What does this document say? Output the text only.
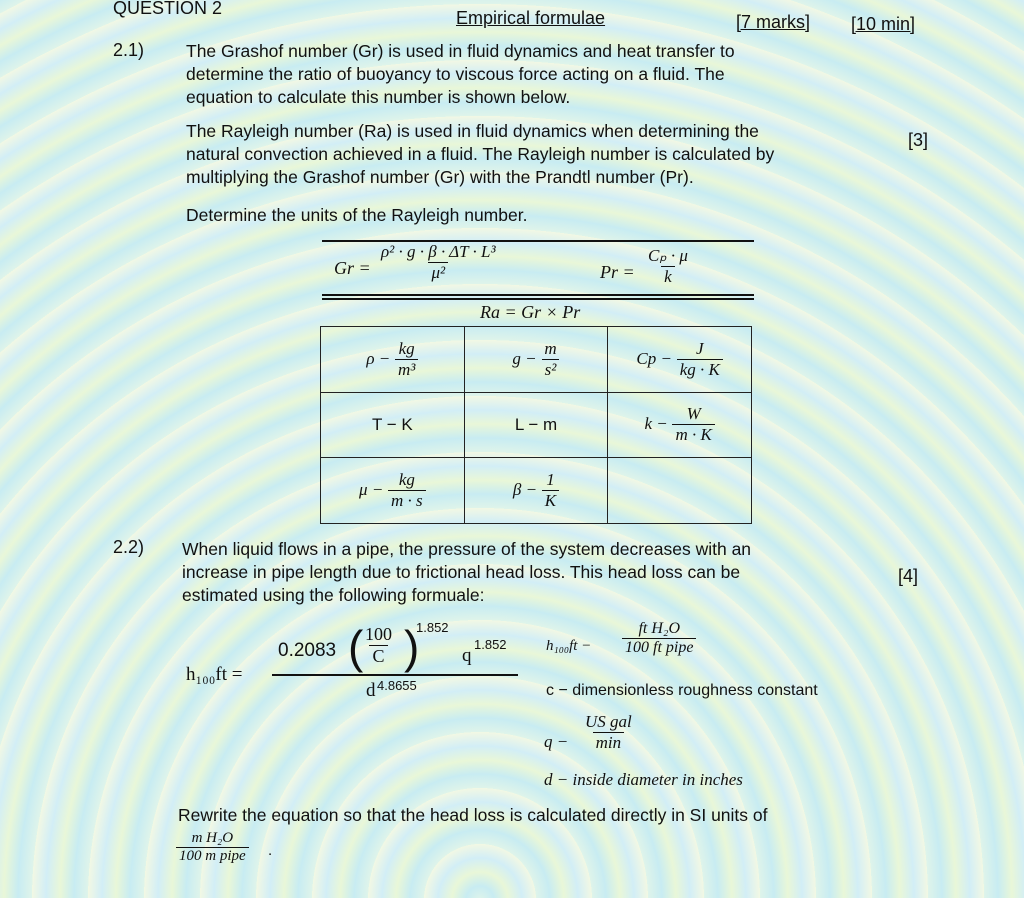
QUESTION 2	Empirical formulae	[7 marks] [10 min]
2.1) The Grashof number (Gr) is used in fluid dynamics and heat transfer to
determine the ratio of buoyancy to viscous force acting on a fluid. The
equation to calculate this number is shown below.
The Rayleigh number (Ra) is used in fluid dynamics when determining the
natural convection achieved in a fluid. The Rayleigh number is calculated by
multiplying the Grashof number (Gr) with the Prandtl number (Pr).
[3]
Determine the units of the Rayleigh number.
$Gr = \frac{\text{ρ² · g · β · ΔT · L³}}{\text{μ²}}$	$Pr = \frac{\text{Cₚ · μ}}{k}$
Ra = Gr × Pr
$\rho - \frac{kg}{\text{m³}}$	$g - \frac{m}{\text{s²}}$	$Cp - \frac{J}{kg \cdot K}$

T − K	L − m	$k - \frac{W}{m \cdot K}$

$\mu - \frac{kg}{m \cdot s}$	$\beta - \frac{1}{K}$

2.2) When liquid flows in a pipe, the pressure of the system decreases with an
increase in pipe length due to frictional head loss. This head loss can be
estimated using the following formuale:
[4]
h₁₀₀ft =
0.2083 (
$\frac{100}{C}$ )
1.852
q
1.852
d 4.8655
h₁₀₀ft −
ft H₂O
100 ft pipe
c − dimensionless roughness constant
q −
US gal
min
d − inside diameter in inches
Rewrite the equation so that the head loss is calculated directly in SI units of
m H₂O
100 m pipe .
